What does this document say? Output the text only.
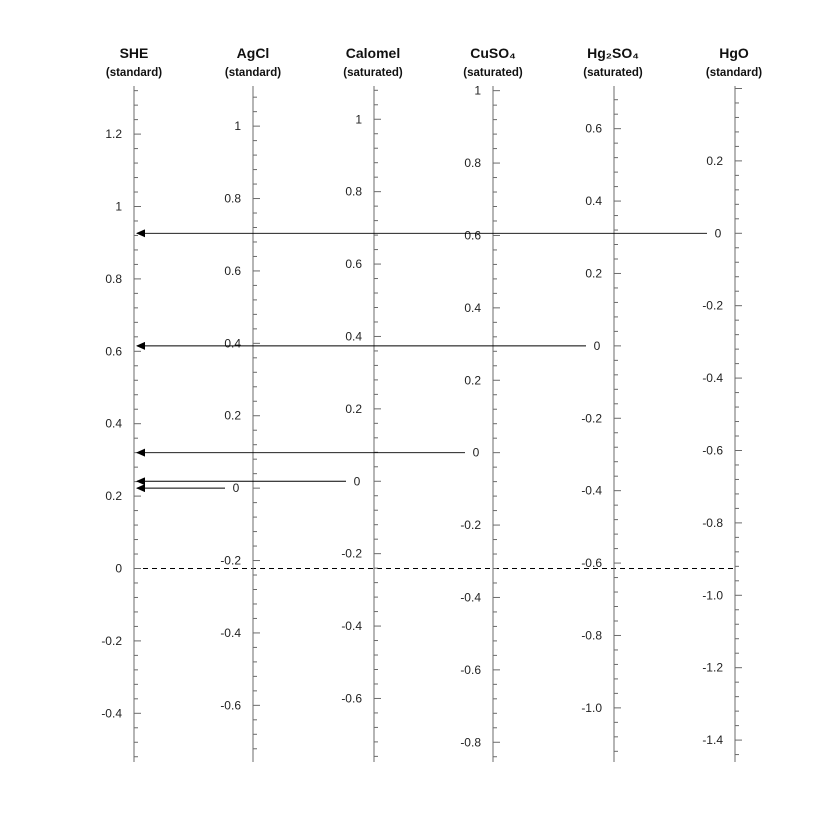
SHE
(standard)
1.2
1
0.8
0.6
0.4
0.2
0
-0.2
-0.4
AgCl
(standard)
1
0.8
0.6
0.4
0.2
-0.2
-0.4
-0.6
0
Calomel
(saturated)
1
0.8
0.6
0.4
0.2
-0.2
-0.4
-0.6
0
CuSO₄
(saturated)
1
0.8
0.6
0.4
0.2
-0.2
-0.4
-0.6
-0.8
0
Hg₂SO₄
(saturated)
0.6
0.4
0.2
-0.2
-0.4
-0.6
-0.8
-1.0
0
HgO
(standard)
0.2
-0.2
-0.4
-0.6
-0.8
-1.0
-1.2
-1.4
0
